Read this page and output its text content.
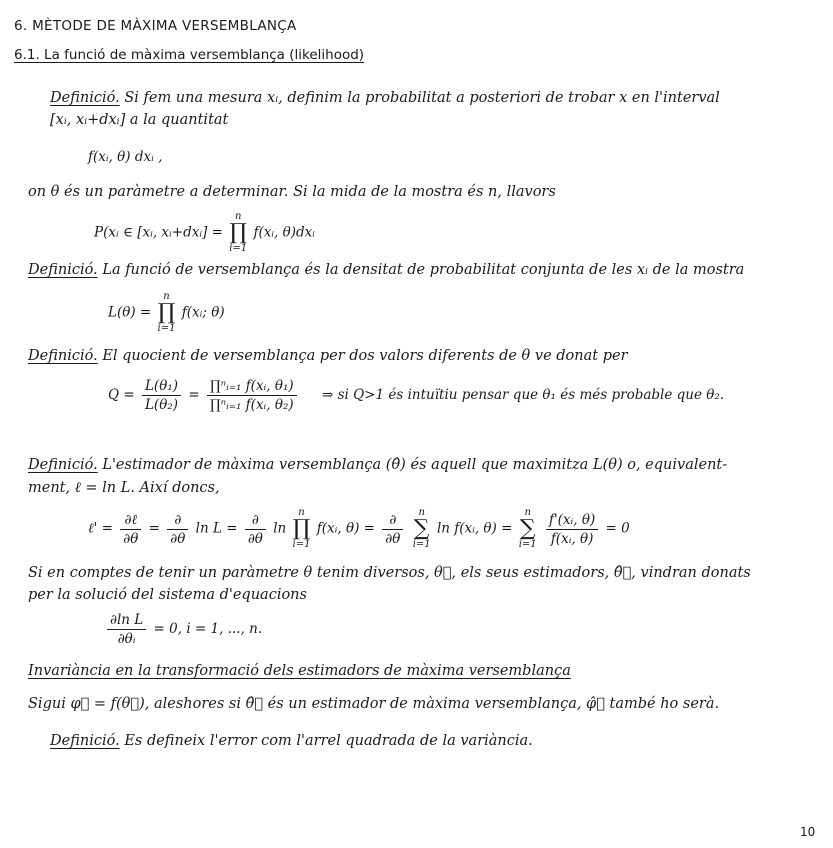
6. MÈTODE DE MÀXIMA VERSEMBLANÇA
6.1. La funció de màxima versemblança (likelihood)
Definició. Si fem una mesura xᵢ, definim la probabilitat a posteriori de trobar x en l'interval
[xᵢ, xᵢ+dxᵢ] a la quantitat
f(xᵢ, θ) dxᵢ ,
on θ és un paràmetre a determinar. Si la mida de la mostra és n, llavors
P(xᵢ ∈ [xᵢ, xᵢ+dxᵢ] =
n
∏
i=1
f(xᵢ, θ)dxᵢ
Definició. La funció de versemblança és la densitat de probabilitat conjunta de les xᵢ de la mostra
L(θ) =
n
∏
i=1
f(xᵢ; θ)
Definició. El quocient de versemblança per dos valors diferents de θ ve donat per
$Q = \frac{\text{L(θ₁)}}{\text{L(θ₂)}} = \frac{\text{∏ⁿᵢ₌₁ f(xᵢ, θ₁)}}{\text{∏ⁿᵢ₌₁ f(xᵢ, θ₂)}}$ ⇒ si Q>1 és intuïtiu pensar que θ₁ és més probable que θ₂.
Definició. L'estimador de màxima versemblança (θ̂) és aquell que maximitza L(θ) o, equivalent-
ment, ℓ = ln L. Així doncs,
ℓ' = $\frac{\text{∂ℓ}}{\partial\theta} = \frac{\partial}{\partial\theta}$ $\ln L = \frac{\partial}{\partial\theta}$ ln
n
∏
i=1
f(xᵢ, $\theta) = \frac{\partial}{\partial\theta}$
	n
∑
i=1
ln f(xᵢ, θ) =
n
∑
i=1
$\frac{\text{f'(xᵢ, θ)}}{\text{f(xᵢ, θ)}} = 0$
Si en comptes de tenir un paràmetre θ tenim diversos, θ⃗, els seus estimadors, θ̂⃗, vindran donats
per la solució del sistema d'equacions
$\frac{\text{∂ln L}}{\text{∂θᵢ}} = 0$, i = 1, ..., n.
Invariància en la transformació dels estimadors de màxima versemblança
Sigui φ⃗ = f(θ⃗), aleshores si θ̂⃗ és un estimador de màxima versemblança, φ̂⃗ també ho serà.
Definició. Es defineix l'error com l'arrel quadrada de la variància.
10
